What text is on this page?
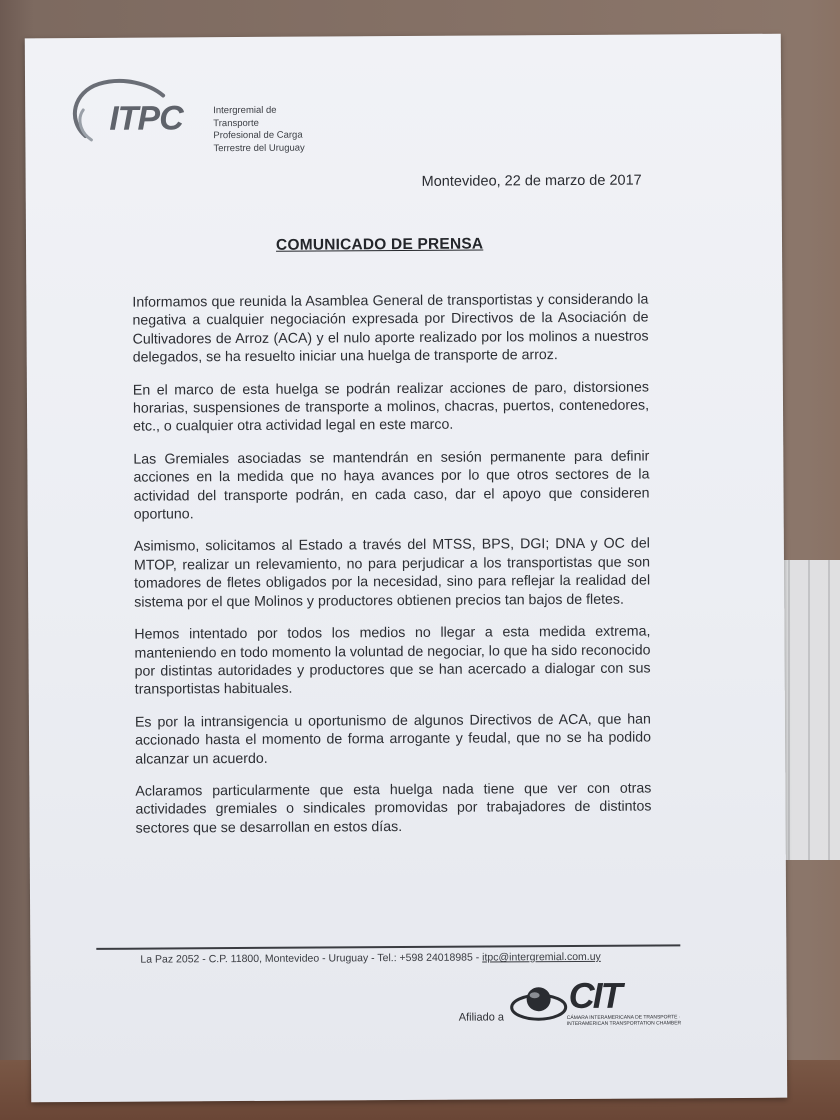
ITPC	Intergremial de Transporte
Profesional de Carga
Terrestre del Uruguay
Montevideo, 22 de marzo de 2017
COMUNICADO DE PRENSA

Informamos que reunida la Asamblea General de transportistas y considerando la negativa a cualquier negociación expresada por Directivos de la Asociación de Cultivadores de Arroz (ACA) y el nulo aporte realizado por los molinos a nuestros delegados, se ha resuelto iniciar una huelga de transporte de arroz.

En el marco de esta huelga se podrán realizar acciones de paro, distorsiones horarias, suspensiones de transporte a molinos, chacras, puertos, contenedores, etc., o cualquier otra actividad legal en este marco.

Las Gremiales asociadas se mantendrán en sesión permanente para definir acciones en la medida que no haya avances por lo que otros sectores de la actividad del transporte podrán, en cada caso, dar el apoyo que consideren oportuno.

Asimismo, solicitamos al Estado a través del MTSS, BPS, DGI; DNA y OC del MTOP, realizar un relevamiento, no para perjudicar a los transportistas que son tomadores de fletes obligados por la necesidad, sino para reflejar la realidad del sistema por el que Molinos y productores obtienen precios tan bajos de fletes.

Hemos intentado por todos los medios no llegar a esta medida extrema, manteniendo en todo momento la voluntad de negociar, lo que ha sido reconocido por distintas autoridades y productores que se han acercado a dialogar con sus transportistas habituales.

Es por la intransigencia u oportunismo de algunos Directivos de ACA, que han accionado hasta el momento de forma arrogante y feudal, que no se ha podido alcanzar un acuerdo.

Aclaramos particularmente que esta huelga nada tiene que ver con otras actividades gremiales o sindicales promovidas por trabajadores de distintos sectores que se desarrollan en estos días.

La Paz 2052 - C.P. 11800, Montevideo - Uruguay - Tel.: +598 24018985 - itpc@intergremial.com.uy
Afiliado a
CIT
CÁMARA INTERAMERICANA DE TRANSPORTE · INTERAMERICAN TRANSPORTATION CHAMBER
